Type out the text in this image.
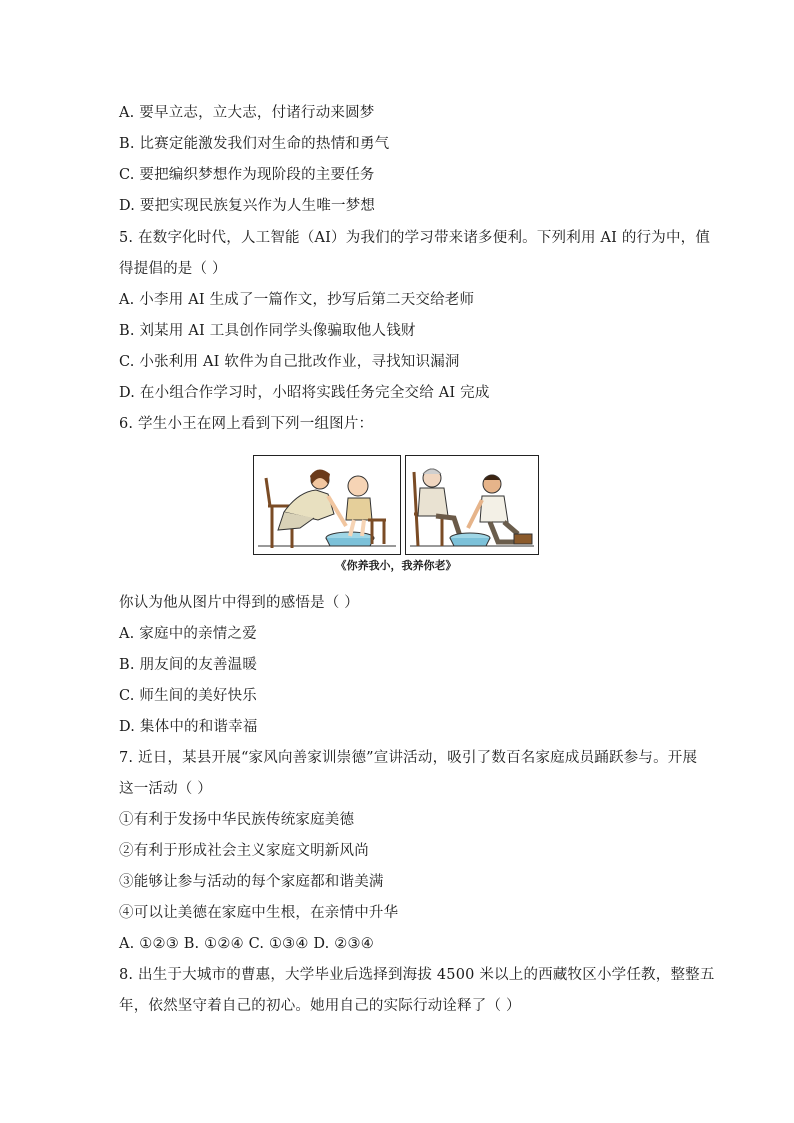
A. 要早立志，立大志，付诸行动来圆梦
B. 比赛定能激发我们对生命的热情和勇气
C. 要把编织梦想作为现阶段的主要任务
D. 要把实现民族复兴作为人生唯一梦想
5. 在数字化时代，人工智能（AI）为我们的学习带来诸多便利。下列利用 AI 的行为中，值
得提倡的是（ ）
A. 小李用 AI 生成了一篇作文，抄写后第二天交给老师
B. 刘某用 AI 工具创作同学头像骗取他人钱财
C. 小张利用 AI 软件为自己批改作业，寻找知识漏洞
D. 在小组合作学习时，小昭将实践任务完全交给 AI 完成
6. 学生小王在网上看到下列一组图片：
《你养我小，我养你老》
你认为他从图片中得到的感悟是（ ）
A. 家庭中的亲情之爱
B. 朋友间的友善温暖
C. 师生间的美好快乐
D. 集体中的和谐幸福
7. 近日，某县开展“家风向善家训崇德”宣讲活动，吸引了数百名家庭成员踊跃参与。开展
这一活动（ ）
①有利于发扬中华民族传统家庭美德
②有利于形成社会主义家庭文明新风尚
③能够让参与活动的每个家庭都和谐美满
④可以让美德在家庭中生根，在亲情中升华
A. ①②③ B. ①②④ C. ①③④ D. ②③④
8. 出生于大城市的曹惠，大学毕业后选择到海拔 4500 米以上的西藏牧区小学任教，整整五
年，依然坚守着自己的初心。她用自己的实际行动诠释了（ ）
